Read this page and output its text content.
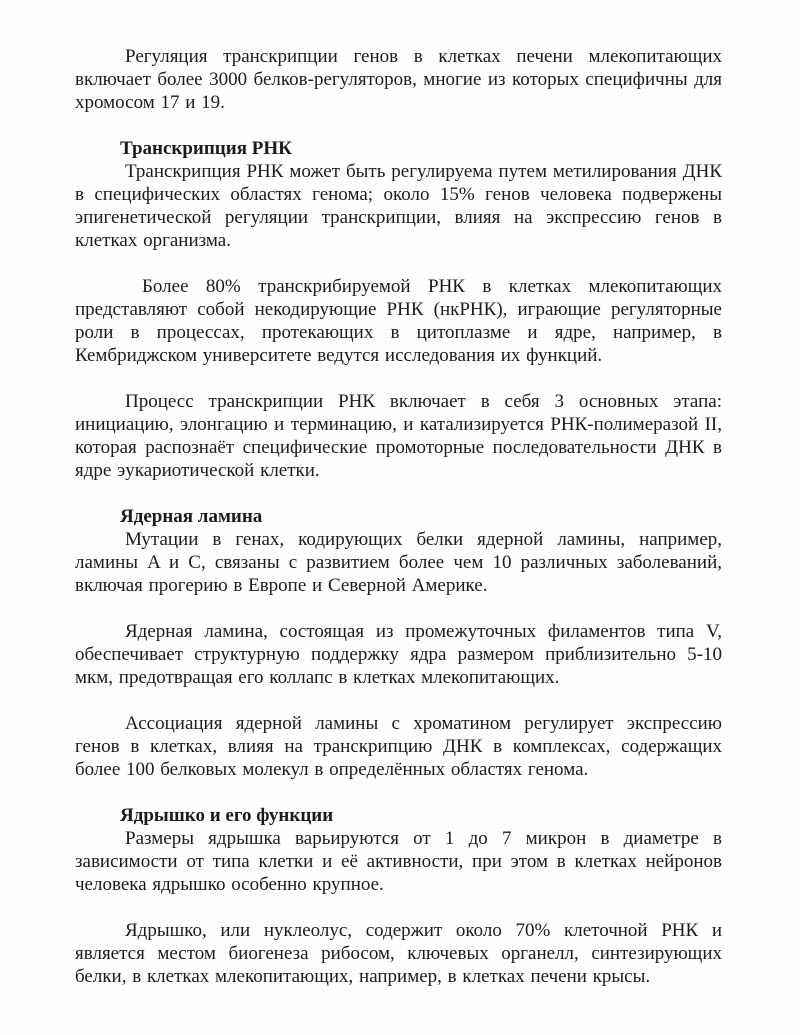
Регуляция транскрипции генов в клетках печени млекопитающих включает более 3000 белков-регуляторов, многие из которых специфичны для хромосом 17 и 19.

Транскрипция РНК

Транскрипция РНК может быть регулируема путем метилирования ДНК в специфических областях генома; около 15% генов человека подвержены эпигенетической регуляции транскрипции, влияя на экспрессию генов в клетках организма.

Более 80% транскрибируемой РНК в клетках млекопитающих представляют собой некодирующие РНК (нкРНК), играющие регуляторные роли в процессах, протекающих в цитоплазме и ядре, например, в Кембриджском университете ведутся исследования их функций.

Процесс транскрипции РНК включает в себя 3 основных этапа: инициацию, элонгацию и терминацию, и катализируется РНК-полимеразой II, которая распознаёт специфические промоторные последовательности ДНК в ядре эукариотической клетки.

Ядерная ламина

Мутации в генах, кодирующих белки ядерной ламины, например, ламины A и C, связаны с развитием более чем 10 различных заболеваний, включая прогерию в Европе и Северной Америке.

Ядерная ламина, состоящая из промежуточных филаментов типа V, обеспечивает структурную поддержку ядра размером приблизительно 5-10 мкм, предотвращая его коллапс в клетках млекопитающих.

Ассоциация ядерной ламины с хроматином регулирует экспрессию генов в клетках, влияя на транскрипцию ДНК в комплексах, содержащих более 100 белковых молекул в определённых областях генома.

Ядрышко и его функции

Размеры ядрышка варьируются от 1 до 7 микрон в диаметре в зависимости от типа клетки и её активности, при этом в клетках нейронов человека ядрышко особенно крупное.

Ядрышко, или нуклеолус, содержит около 70% клеточной РНК и является местом биогенеза рибосом, ключевых органелл, синтезирующих белки, в клетках млекопитающих, например, в клетках печени крысы.
